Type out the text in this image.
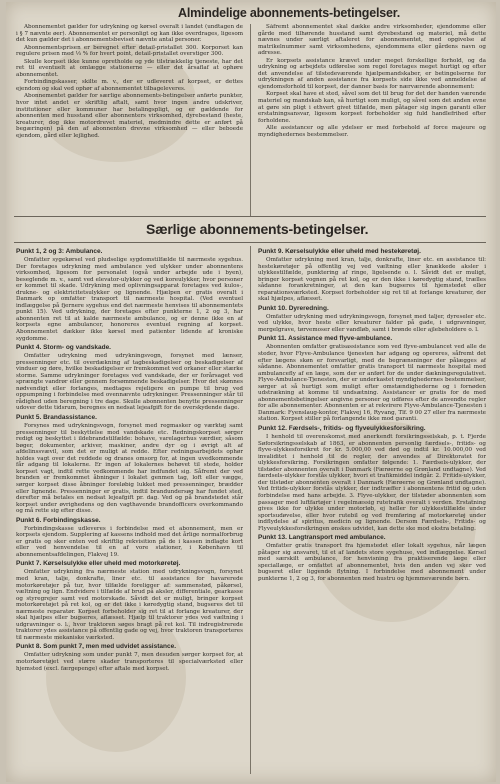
Almindelige abonnements-betingelser.

Abonnementet gælder for udrykning og kørsel overalt i landet (undtagen de i § 7 nævnte øer). Abonnementet er personligt og kan ikke overdrages, ligesom det kun gælder det i abonnementsbeviset nævnte antal personer.

Abonnementsprisen er beregnet efter detail-pristallet 300. Korporset kan regulere prisen med ⅓ % for hvert point, detail-pristallet overstiger 300.

Skulle korpset ikke kunne opretholde og yde tilstrækkelig tjeneste, har det ret til eventuelt at omlægge stationerne — eller det årsaflaf at ophøre abonnementet.

Forbindingskasser, skilte m. v., der er udleveret af korpset, er dettes ejendom og skal ved ophør af abonnementet tilbageleveres.

Abonnementet gælder for særlige abonnements-betingelser anførte punkter, hvor intet andet er skriftlig aftalt, samt hvor ingen andre udskriver, institutioner eller kommuner har betalingspligt, og er gældende for abonnenten med husstand eller abonnenters virksomhed, dyrebestand (heste, kreaturer, dog ikke motordrevet materiel, medmindre dette er anført på begæringen) på den af abonnenten drevne virksomhed — eller beboede ejendom, gård eller lejlighed.

Såfremt abonnementet skal dække andre virksomheder, ejendomme eller gårde med tilhørende husstand samt dyrebestand og materiel, må dette nævnes under særligt aftaleret for abonnementet, med opgivelse af matrikelnummer samt virksomhedens, ejendommens eller gårdens navn og adresse.

Er korpsets assistance krævet under meget forskellige forhold, og da udrykning og arbejdets udførelse som regel foretages meget hurtigt og efter det anvendelse af tilstedeværende hjælpemandskaber, er betingelserne for udrykningen af anden assistance fra korpsets side ikke ved anmeldelse af ejendomsforhold til korpset, der danner basis for nærværende abonnement:

Korpset skal have et sted, såvel som det til brug for det der handen værende materiel og mandskab kan, så hurtigt som muligt, og såvel som det anden evne at gøre sin pligt i ethvert givet tilfælde, men påtager sig ingen garanti eller erstatningsansvar, ligesom korpset forbeholder sig fuld handlefrihed efter forholdene.

Alle assistancer og alle ydelser er med forbehold af force majeure og myndighedernes bestemmelser.

Særlige abonnements-betingelser.
Punkt 1, 2 og 3: Ambulance.

Omfatter sygekørsel ved pludselige sygdomstilfælde til nærmeste sygehus. Der foretages udrykning med ambulance ved ulykker under abonnentens virksomhed, ligesom for personalet (også under arbejde ude i byen), beseglende m. v., samt ved elevator-ulykker og ved koreulykker, hvor personer er kommet til skade. Udrykning med oplivningsapparat foretages ved kulos-, drukne- og elektricitetsulykker og lignende. Hjælpen er gratis overalt i Danmark op omfatter transport til nærmeste hospital. (Ved eventuel indlæggelse på fjernere sygehus end det nærmeste henvises til abonnementets punkt 15). Ved udrykning, der foretages efter punkterne 1, 2 og 3, har abonnenten ret til at kalde nærmeste ambulance, og er denne ikke en af korpsets egne ambulancer, honoreres eventuel regning af korpset. Abonnementet dækker ikke kørsel med patienter lidende af kroniske sygdomme.

Punkt 4. Storm- og vandskade.

Omfatter udrykning med udrykningsvogn, forsynet med lænser, pressenninger etc. til overdækning af tagbeskadigelser og beskadigelser af vinduer og døre, hvilke beskadigelser er fremkommet ved orkaner eller stærke storme. Samme udrykninger foretages ved vandskade, der er forårsaget ved sprængte vandrør eller gennem forsømmende beskadigelser. Hvor det skønnes nødvendigt eller forlanges, medtages rejeligere en pumpe til brug ved oppumpning i forbindelse med ovennævnte udrykninger. Pressenninger står til rådighed uden beregning i tre dage. Skulle abonnenten benytte pressenninger udover dette tidsrum, beregnes en nedsat lejeafgift for de overskydende dage.

Punkt 5. Brandassistance.

Forsynes med udrykningsvogn, forsynet med regmasker og værktøj samt pressenninger til beskyttelse mod vandskade etc. Redningskorpset sørger redigt og beskyttet i ildebrandstilfælde: bohave, varelagerhus værdier, såsom bøger, dokumenter, arkiver, maskiner, andre dyr og i øvrigt alt af afdelinssvævil, som det er muligt at redde. Efter redningsarbejdets ophør holdes vagt over det reddede og dranes omsorg for, at ingen uvedkommende får adgang til lokalerne. Er ingen af lokalernes behøvet til stede, holder korpset vagt, indtil rette vedkommende har indfundet sig. Såfremt der ved branden er fremkommet åbninger i lokalet genmen tag, loft eller vægge, sørger korpset disse åbninger foreløbig lukket med pressenninger, brædder eller lignende. Pressenninger er gratis, indtil brandundersøg har fundet sted, derefter må betales en nedsat lejeafgift pr. dag. Ved og på brandstedet står korpset under øvrighedens og den vagthavende brandofficers overkommando og må rette sig efter disse.

Punkt 6. Forbindingskasse.

Forbindingskasse udleveres i forbindelse med et abonnement, men er korpsets ejendom. Supplering af kassens indhold med det årlige normalforbrug er gratis og sker enten ved skriftlig rekvisition på de i kassen indlagte kort eller ved henvendelse til en af vore stationer, i København til abonnementsafdelingen, Flakvej 19.

Punkt 7. Kørselsulykke eller uheld med motorkøretøj.

Omfatter udrykning fra nærmeste station med udrykningsvogn, forsynet med kran, talje, donkrafte, liner etc. til assistance for havarerede motorkøretøjer på tur, hvor tilfælde foreligger af: sammenstød, påkørsel, væltning og lign. Endvidere i tilfælde af brud på aksler, differentiale, gearkasse og styregrejer samt ved motorskade. Såvidt det er muligt, bringer korpset motorkøretøjet på ret kol, og er det ikke i køredygtig stand, bugseres det til nærmeste reparatør. Korpset forbeholder sig ret til at forlange kreaturer, der skal hjælpes eller bugseres, aflæsset. Hjælp til traktorer ydes ved væltning i udgravninger o. l., hvor traktoren søges bragt på ret kol. Til indregistrerede traktorer ydes assistance på offentlig gade og vej, hvor traktoren transporteres til nærmeste mekaniske værksted.

Punkt 8. Som punkt 7, men med udvidet assistance.

Omfatter udrykning som under punkt 7, men desuden sørger korpset for, at motorkøretøjet ved større skader transporteres til specialværksted eller hjemsted (excl. færgepenge) efter aftale med korpset.

Punkt 9. Kørselsulykke eller uheld med hestekøretøj.

Omfatter udrykning med kran, talje, donkrafte, liner etc. en assistance til: hestekøretøjer på offentlig vej ved væltning eller knækkede aksler i ulykkestilfælde, punktering af ringe, ligelsende o. l. Såvidt det er muligt, bringer korpset vognen på ret kol, og er den ikke i køredygtig stand, trælles sådanne forankretninger, at den kan bugseres til hjemstedet eller reparationsværksted. Korpset forbeholder sig ret til at forlange kreaturer, der skal hjælpes, aflæsset.

Punkt 10. Dyreredning.

Omfatter udrykning med udrykningsvogn, forsynet med taljer, dyreseler etc. ved ulykke, hvor heste eller kreaturer falder på gade, i udgravninger, mergelgrave, tørvemoser eller vandløb, samt i brønde eller ajlebeholdere o. l.

Punkt 11. Assistance med flyve-ambulance.

Abonnenten omfatter gratisassistance som ved flyve-ambulancet ved alle de steder, hvor Flyve-Ambulance tjenesten har adgang og opereres, såfremt det efter lægens skøn er forsvarligt, med de begrænsninger der pålægges af sådanne. Abonnementet omfatter gratis transport til nærmeste hospital med ambulancefly af en læge, som der er anført for de under dækningsregulativet. Flyve-Ambulance-Tjenesten, der er underkastet myndighedernes bestemmelser, sørger at så hurtigt som muligt efter omstændighederne og i fornøden udstrækning at komme til undsætning. Assistancer er gratis for de med abonnementsbetingelser angivne personer og udføres efter de anvendte regler for alle abonnementer. Abonnenten er at rekvirere Flyve-Ambulance-Tjenesten i Danmark: Fyenslaug-kontor, Flakvej 16, Ryvang, Tlf. 9 00 27 eller fra nærmeste station. Korpset stiller på forlangende ikke mod garanti.

Punkt 12. Færdsels-, fritids- og flyveulykkesforsikring.

I henhold til overenskomst med anerkendt forsikringsselskab, p. t. Fjerde Søforsikringsselskab af 1863, er abonnenten personlig færdsels-, fritids- og flyve-ulykkesforsikret for kr. 5.000,00 ved død og indtil kr. 10.000,00 ved invaliditet i henhold til de regler, der anvendes af Direktoratet for ulykkesforsikring. Forsikringen omfatter følgende: 1. Færdsels-ulykker, der tilstøder abonnenten overalt i Danmark (Færøerne og Grønland undtagne). Ved færdsels-ulykker forstås ulykker, hvori et trafikmiddel indgår. 2. Fritids-ulykker, der tilstøder abonnenten overalt i Danmark (Færøerne og Grønland undtagne). Ved fritids-ulykker forstås ulykker, der indtræffer i abonnentens fritid og uden forbindelse med hans arbejde. 3. Flyve-ulykker, der tilstøder abonnenten som passager med luftfartøjer i regelmæssig rutetrafik overalt i verden. Erstatning gives ikke for ulykke under motorløb, ej heller for ulykkestilfælde under sportsudøvelse, eller hvor rutebil og ved fremføring af motorkøretøj under indflydelse af spiritus, medicin og lignende. Dersom Færdsels-, Fritids- og Flyveulykkesforsikringen ønskes udvidet, kan dette ske mod ekstra betaling.

Punkt 13. Langtransport med ambulance.

Omfatter gratis transport fra hjemstedet eller lokalt sygehus, når lægen påtager sig ansvaret, til et af landets store sygehuse, ved indlæggelse. Kørsel med særskilt ambulance, for henvisning fra praktiserende læge eller speciallæge, er omfattet af abonnementet, hvis den anden vej sker ved bugseret eller liggende flytning. I forbindelse med abonnement under punkterne 1, 2 og 3, for abonnenten med hustru og hjemmeværende børn.
